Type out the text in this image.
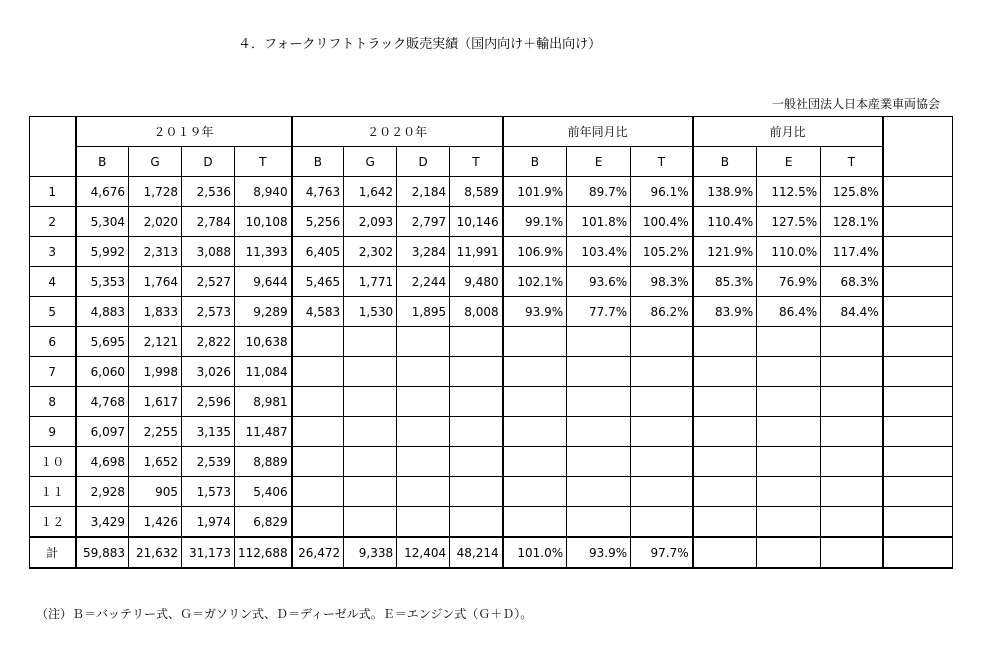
４．フォークリフトトラック販売実績（国内向け＋輸出向け）
一般社団法人日本産業車両協会
	２０１９年				２０２０年				前年同月比			前月比			
	B	G	D	T	B	G	D	T	B	E	T	B	E	T	
1	4,676	1,728	2,536	8,940	4,763	1,642	2,184	8,589	101.9%	89.7%	96.1%	138.9%	112.5%	125.8%	
2	5,304	2,020	2,784	10,108	5,256	2,093	2,797	10,146	99.1%	101.8%	100.4%	110.4%	127.5%	128.1%	
3	5,992	2,313	3,088	11,393	6,405	2,302	3,284	11,991	106.9%	103.4%	105.2%	121.9%	110.0%	117.4%	
4	5,353	1,764	2,527	9,644	5,465	1,771	2,244	9,480	102.1%	93.6%	98.3%	85.3%	76.9%	68.3%	
5	4,883	1,833	2,573	9,289	4,583	1,530	1,895	8,008	93.9%	77.7%	86.2%	83.9%	86.4%	84.4%	
6	5,695	2,121	2,822	10,638											
7	6,060	1,998	3,026	11,084											
8	4,768	1,617	2,596	8,981											
9	6,097	2,255	3,135	11,487											
１０	4,698	1,652	2,539	8,889											
１１	2,928	905	1,573	5,406											
１２	3,429	1,426	1,974	6,829											
計	59,883	21,632	31,173	112,688	26,472	9,338	12,404	48,214	101.0%	93.9%	97.7%				
（注）Ｂ＝バッテリー式、Ｇ＝ガソリン式、Ｄ＝ディーゼル式。Ｅ＝エンジン式（Ｇ＋Ｄ）。
